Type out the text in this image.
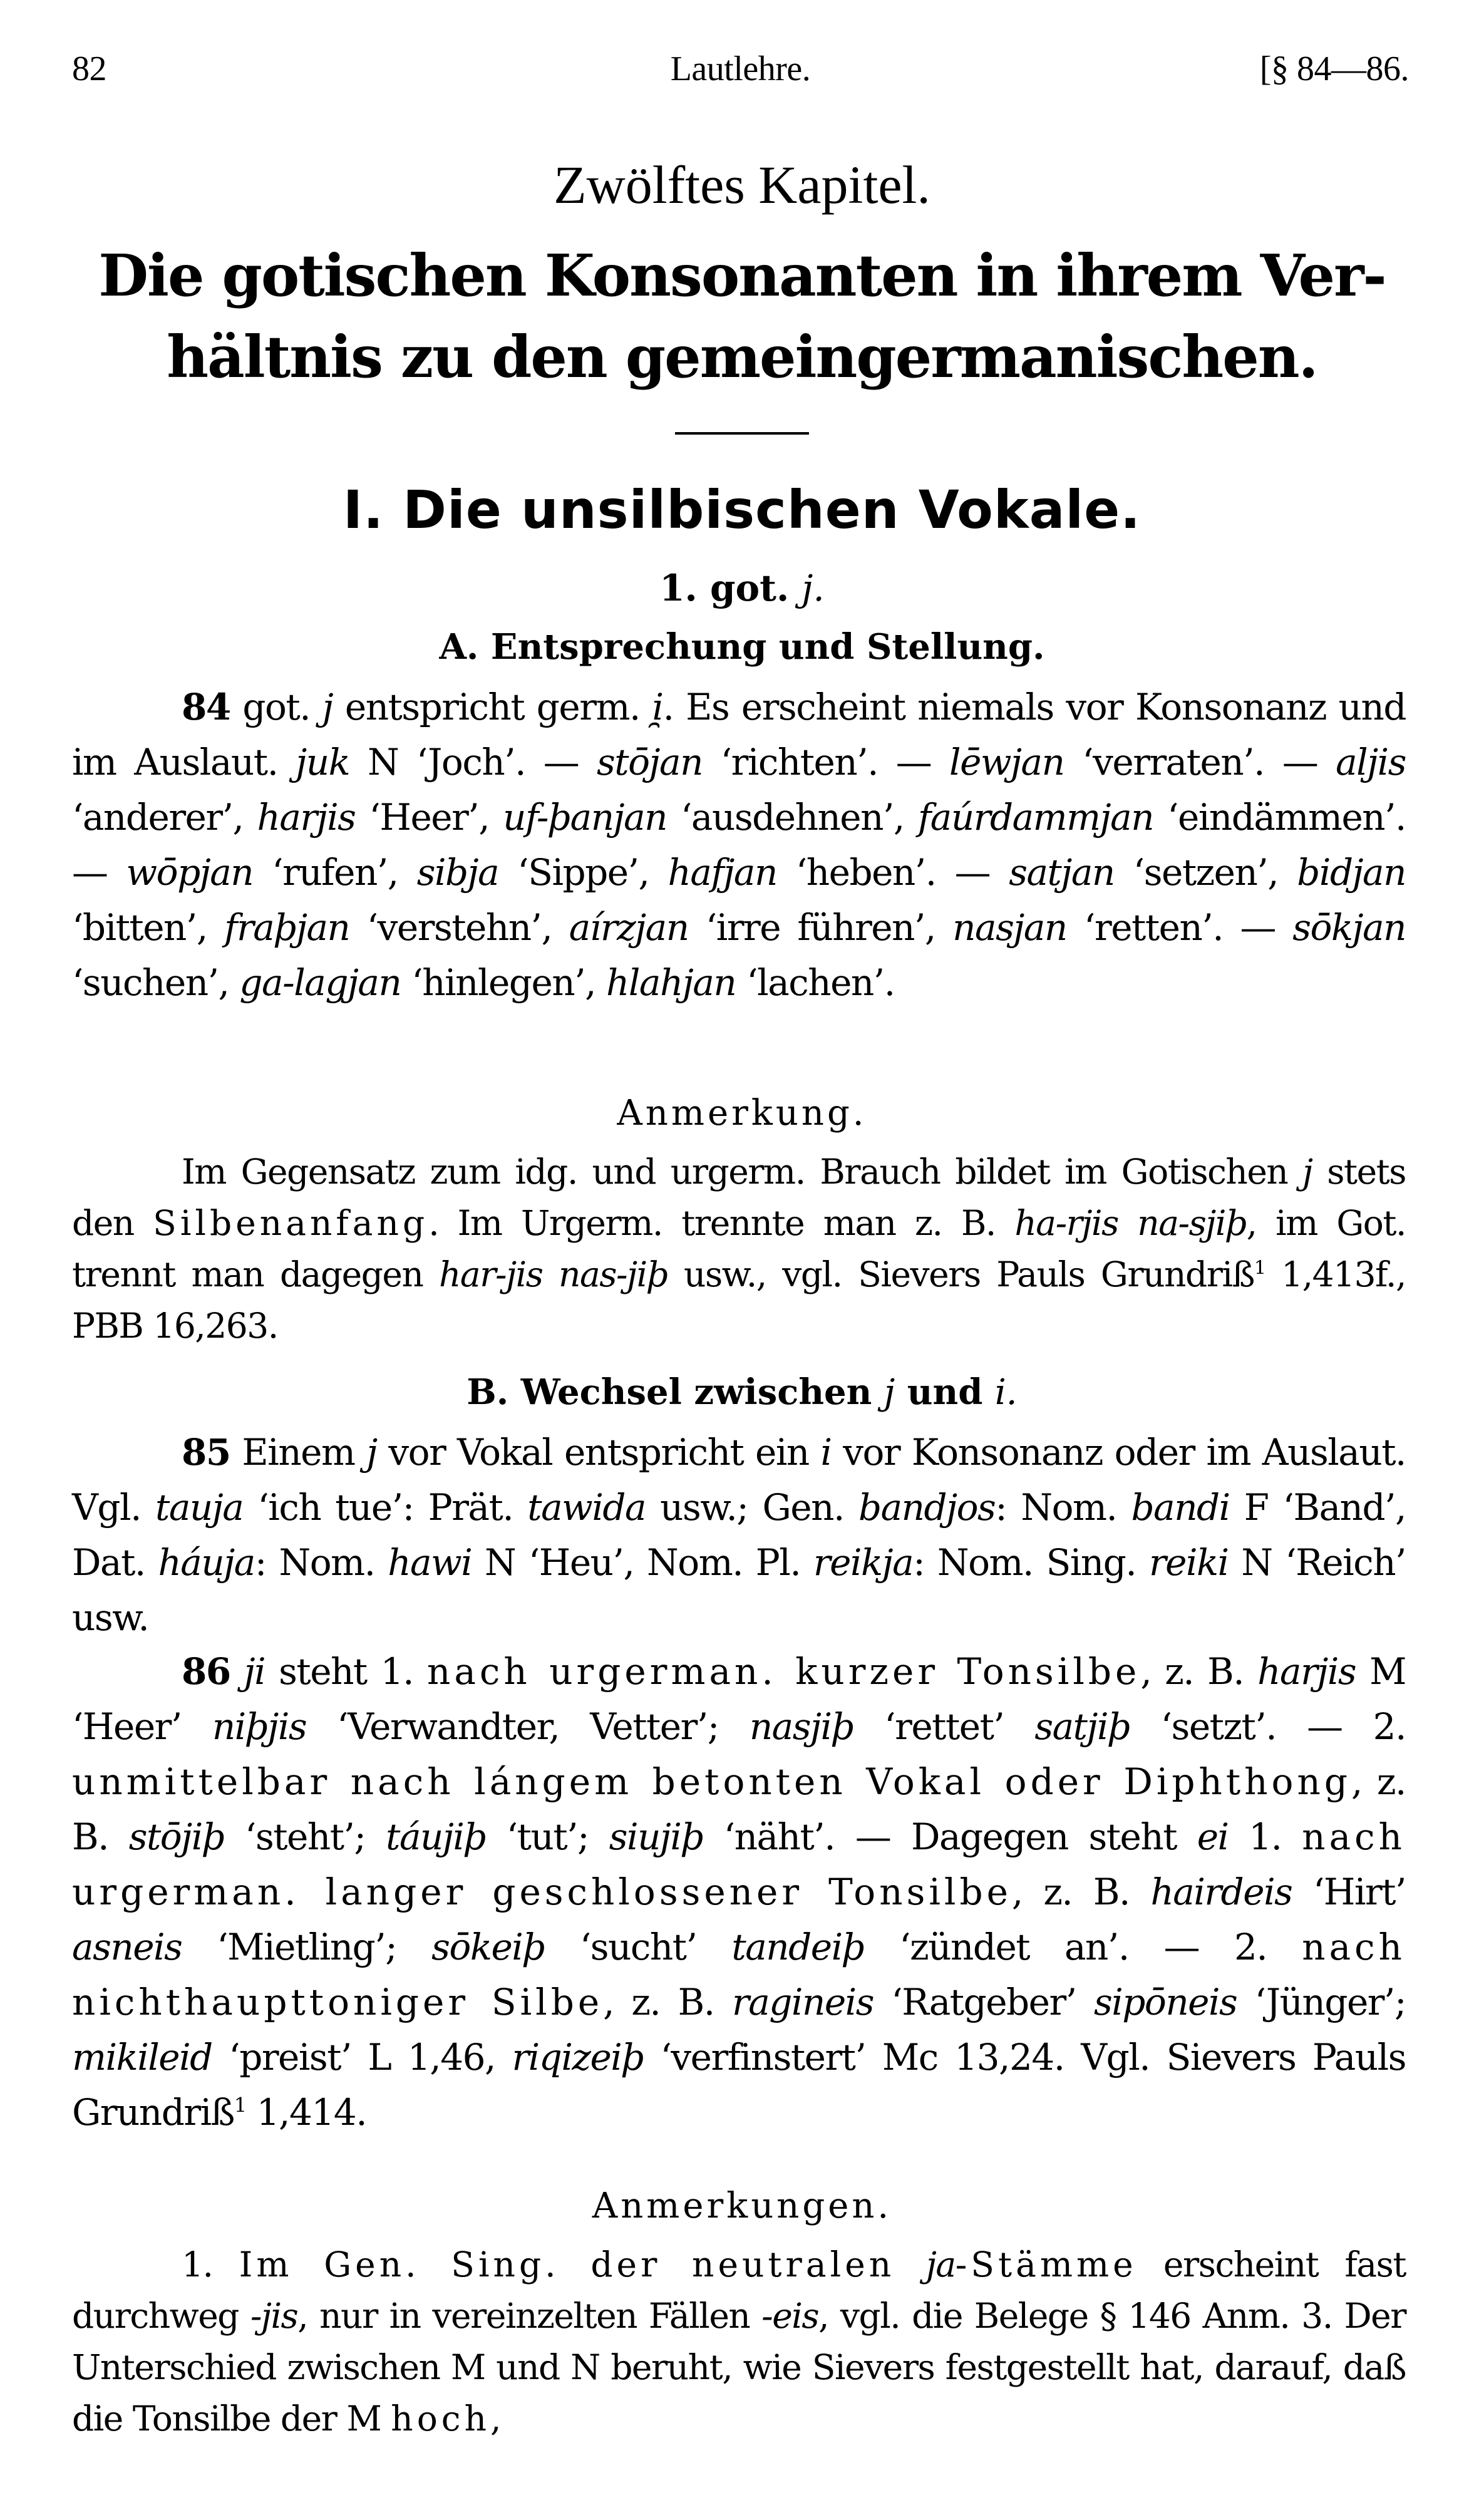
82	Lautlehre.	[§ 84—86.
Zwölftes Kapitel.
Die gotischen Konsonanten in ihrem Ver-
hältnis zu den gemeingermanischen.
I. Die unsilbischen Vokale.
1. got. j.
A. Entsprechung und Stellung.

84 got. j entspricht germ. i̯. Es erscheint niemals vor Konsonanz und im Auslaut. juk N ‘Joch’. — stōjan ‘richten’. — lēwjan ‘verraten’. — aljis ‘anderer’, harjis ‘Heer’, uf-þanjan ‘ausdehnen’, faúrdammjan ‘eindämmen’. — wōpjan ‘rufen’, sibja ‘Sippe’, hafjan ‘heben’. — satjan ‘setzen’, bidjan ‘bitten’, fraþjan ‘verstehn’, aírzjan ‘irre führen’, nasjan ‘retten’. — sōkjan ‘suchen’, ga-lagjan ‘hinlegen’, hlahjan ‘lachen’.

Anmerkung.

Im Gegensatz zum idg. und urgerm. Brauch bildet im Gotischen j stets den Silbenanfang. Im Urgerm. trennte man z. B. ha-rjis na-sjiþ, im Got. trennt man dagegen har-jis nas-jiþ usw., vgl. Sievers Pauls Grundriß$^1$ 1,413f., PBB 16,263.

B. Wechsel zwischen j und i.

85 Einem j vor Vokal entspricht ein i vor Konsonanz oder im Auslaut. Vgl. tauja ‘ich tue’: Prät. tawida usw.; Gen. bandjos: Nom. bandi F ‘Band’, Dat. háuja: Nom. hawi N ‘Heu’, Nom. Pl. reikja: Nom. Sing. reiki N ‘Reich’ usw.

86 ji steht 1. nach urgerman. kurzer Tonsilbe, z. B. harjis M ‘Heer’ niþjis ‘Verwandter, Vetter’; nasjiþ ‘rettet’ satjiþ ‘setzt’. — 2. unmittelbar nach lángem betonten Vokal oder Diphthong, z. B. stōjiþ ‘steht’; táujiþ ‘tut’; siujiþ ‘näht’. — Dagegen steht ei 1. nach urgerman. langer geschlossener Tonsilbe, z. B. hairdeis ‘Hirt’ asneis ‘Mietling’; sōkeiþ ‘sucht’ tandeiþ ‘zündet an’. — 2. nach nichthaupttoniger Silbe, z. B. ragineis ‘Ratgeber’ sipōneis ‘Jünger’; mikileid ‘preist’ L 1,46, riqizeiþ ‘verfinstert’ Mc 13,24. Vgl. Sievers Pauls Grundriß$^1$ 1,414.

Anmerkungen.

1. Im Gen. Sing. der neutralen ja-Stämme erscheint fast durchweg -jis, nur in vereinzelten Fällen -eis, vgl. die Belege § 146 Anm. 3. Der Unterschied zwischen M und N beruht, wie Sievers festgestellt hat, darauf, daß die Tonsilbe der M hoch,
